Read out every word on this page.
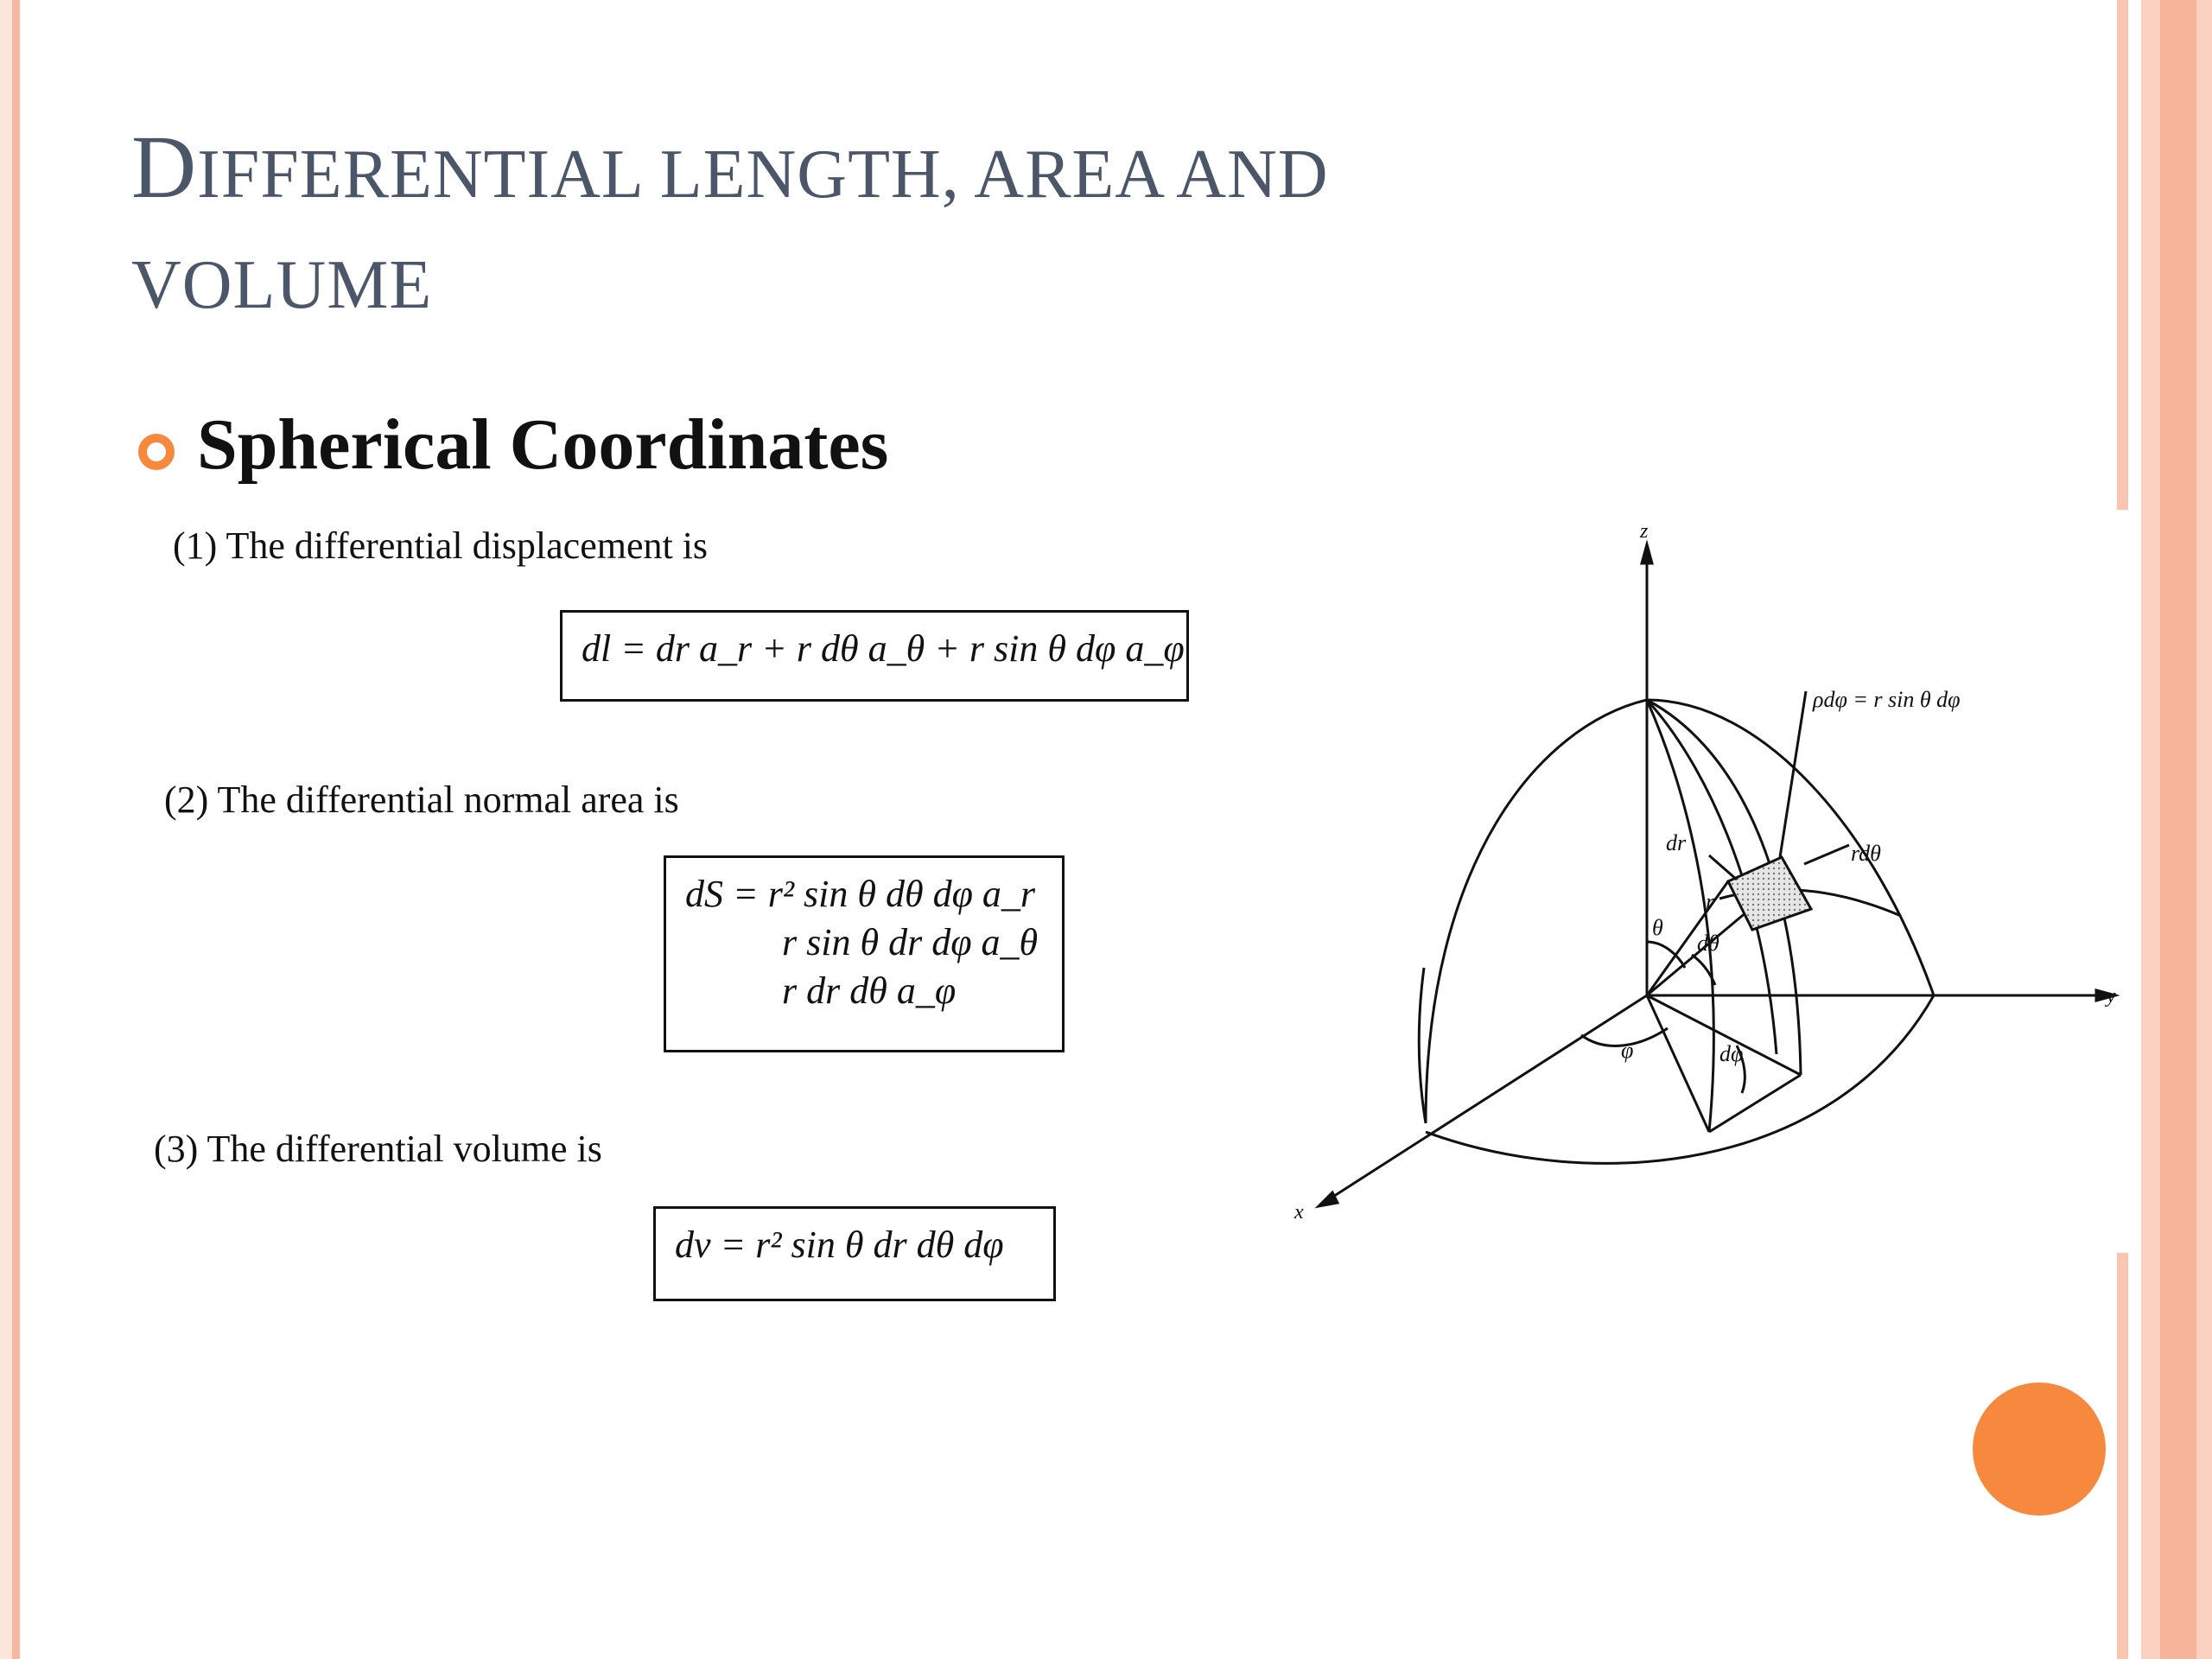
DIFFERENTIAL LENGTH, AREA AND
VOLUME
Spherical Coordinates
(1) The differential displacement is
dl = dr a_r + r dθ a_θ + r sin θ dφ a_φ
(2) The differential normal area is
dS = r² sin θ dθ dφ a_r
r sin θ dr dφ a_θ
r dr dθ a_φ
(3) The differential volume is
dv = r² sin θ dr dθ dφ
z
y
x
ρdφ = r sin θ dφ
dr	rdθ
r
θ
dθ
φ	dφ
